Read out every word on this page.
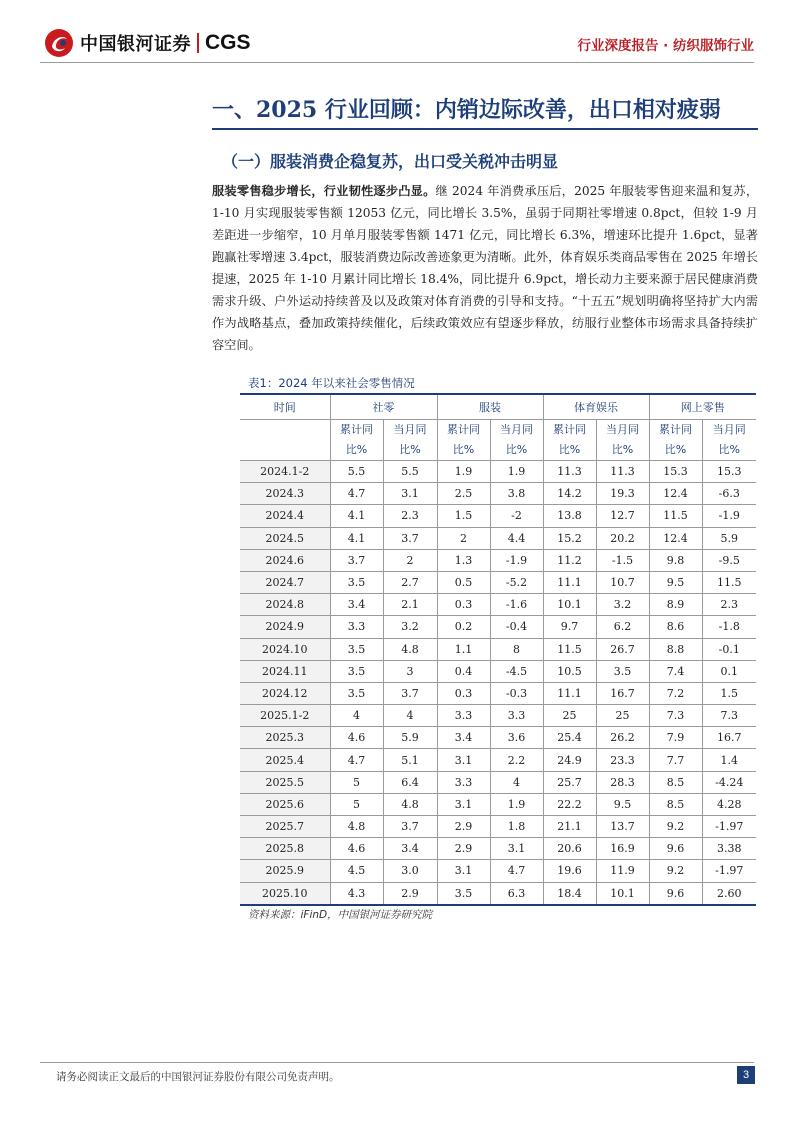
中国银河证券 CGS	行业深度报告 · 纺织服饰行业
一、2025 行业回顾：内销边际改善，出口相对疲弱
（一）服装消费企稳复苏，出口受关税冲击明显
服装零售稳步增长，行业韧性逐步凸显。继 2024 年消费承压后，2025 年服装零售迎来温和复苏，1-10 月实现服装零售额 12053 亿元，同比增长 3.5%，虽弱于同期社零增速 0.8pct，但较 1-9 月差距进一步缩窄，10 月单月服装零售额 1471 亿元，同比增长 6.3%，增速环比提升 1.6pct，显著跑赢社零增速 3.4pct，服装消费边际改善迹象更为清晰。此外，体育娱乐类商品零售在 2025 年增长提速，2025 年 1-10 月累计同比增长 18.4%，同比提升 6.9pct，增长动力主要来源于居民健康消费需求升级、户外运动持续普及以及政策对体育消费的引导和支持。“十五五”规划明确将坚持扩大内需作为战略基点，叠加政策持续催化，后续政策效应有望逐步释放，纺服行业整体市场需求具备持续扩容空间。
表1：2024 年以来社会零售情况
时间	社零		服装		体育娱乐		网上零售	
	累计同比%	当月同比%	累计同比%	当月同比%	累计同比%	当月同比%	累计同比%	当月同比%
2024.1-2	5.5	5.5	1.9	1.9	11.3	11.3	15.3	15.3
2024.3	4.7	3.1	2.5	3.8	14.2	19.3	12.4	-6.3
2024.4	4.1	2.3	1.5	-2	13.8	12.7	11.5	-1.9
2024.5	4.1	3.7	2	4.4	15.2	20.2	12.4	5.9
2024.6	3.7	2	1.3	-1.9	11.2	-1.5	9.8	-9.5
2024.7	3.5	2.7	0.5	-5.2	11.1	10.7	9.5	11.5
2024.8	3.4	2.1	0.3	-1.6	10.1	3.2	8.9	2.3
2024.9	3.3	3.2	0.2	-0.4	9.7	6.2	8.6	-1.8
2024.10	3.5	4.8	1.1	8	11.5	26.7	8.8	-0.1
2024.11	3.5	3	0.4	-4.5	10.5	3.5	7.4	0.1
2024.12	3.5	3.7	0.3	-0.3	11.1	16.7	7.2	1.5
2025.1-2	4	4	3.3	3.3	25	25	7.3	7.3
2025.3	4.6	5.9	3.4	3.6	25.4	26.2	7.9	16.7
2025.4	4.7	5.1	3.1	2.2	24.9	23.3	7.7	1.4
2025.5	5	6.4	3.3	4	25.7	28.3	8.5	-4.24
2025.6	5	4.8	3.1	1.9	22.2	9.5	8.5	4.28
2025.7	4.8	3.7	2.9	1.8	21.1	13.7	9.2	-1.97
2025.8	4.6	3.4	2.9	3.1	20.6	16.9	9.6	3.38
2025.9	4.5	3.0	3.1	4.7	19.6	11.9	9.2	-1.97
2025.10	4.3	2.9	3.5	6.3	18.4	10.1	9.6	2.60
资料来源：iFinD，中国银河证券研究院
请务必阅读正文最后的中国银河证券股份有限公司免责声明。	3
